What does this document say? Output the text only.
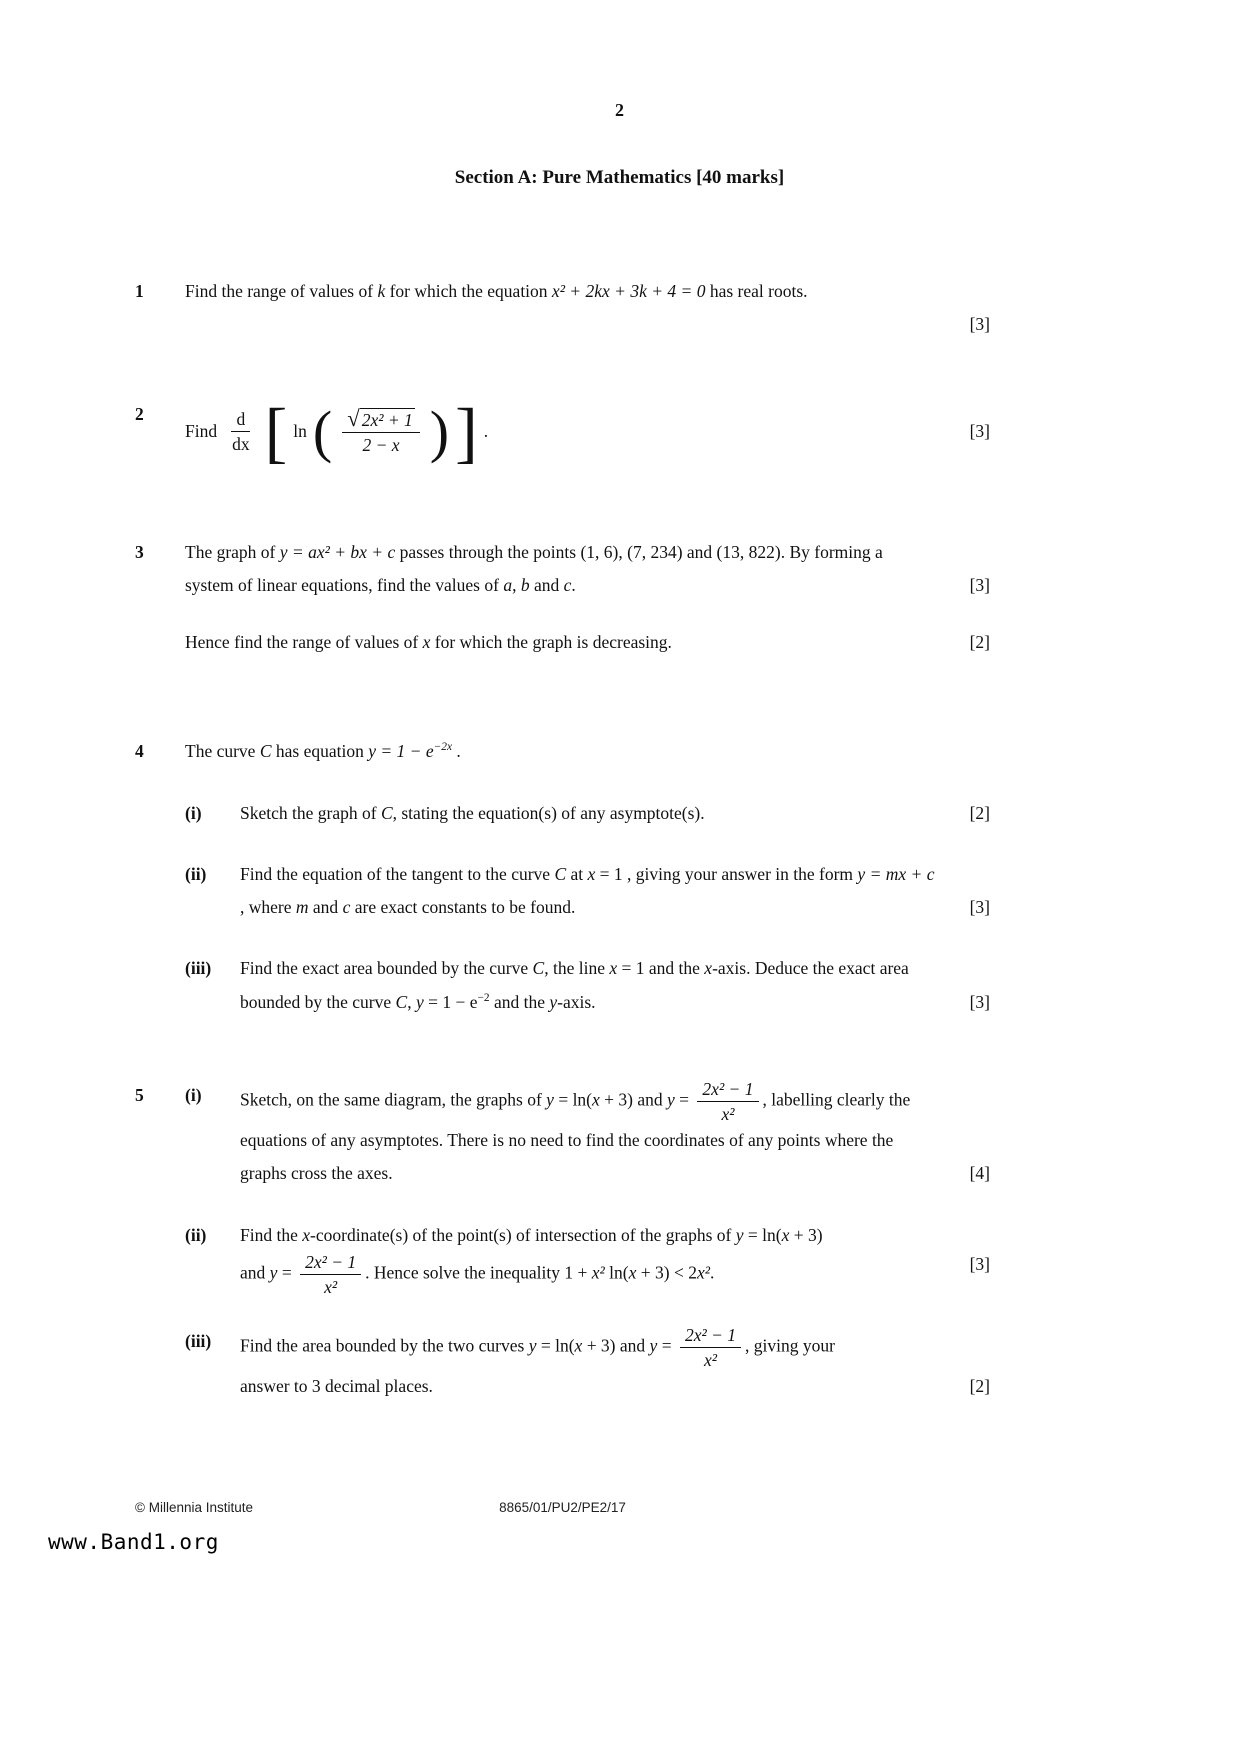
2
Section A: Pure Mathematics [40 marks]
1	Find the range of values of k for which the equation x² + 2kx + 3k + 4 = 0 has real roots.
[3]
2
Find $\frac{d}{dx}$ [ ln ( $\frac{\text{√ 2x² + 1}}{2 - x}$ ) ] .	[3]
3	The graph of y = ax² + bx + c passes through the points (1, 6), (7, 234) and (13, 822). By forming a system of linear equations, find the values of a, b and c.	[3]
Hence find the range of values of x for which the graph is decreasing.	[2]
4	The curve C has equation $y = 1 - e^{-2x}$ .
(i)	Sketch the graph of C, stating the equation(s) of any asymptote(s).	[2]
(ii)	Find the equation of the tangent to the curve C at x = 1 , giving your answer in the form y = mx + c , where m and c are exact constants to be found.	[3]
(iii)	Find the exact area bounded by the curve C, the line x = 1 and the x-axis. Deduce the exact area bounded by the curve C, $y = 1 - e^{-2}$ and the y-axis.	[3]
5	(i)	Sketch, on the same diagram, the graphs of y = ln(x + 3) and $y = \frac{\text{2x² − 1}}{\text{x²}}$ , labelling clearly the equations of any asymptotes. There is no need to find the coordinates of any points where the graphs cross the axes.	[4]
(ii)	Find the x-coordinate(s) of the point(s) of intersection of the graphs of y = ln(x + 3)
and $y = \frac{\text{2x² − 1}}{\text{x²}}$ . Hence solve the inequality 1 + x² ln(x + 3) < 2x².	[3]
(iii)	Find the area bounded by the two curves y = ln(x + 3) and $y = \frac{\text{2x² − 1}}{\text{x²}}$ , giving your
answer to 3 decimal places.	[2]
© Millennia Institute	8865/01/PU2/PE2/17
www.Band1.org
